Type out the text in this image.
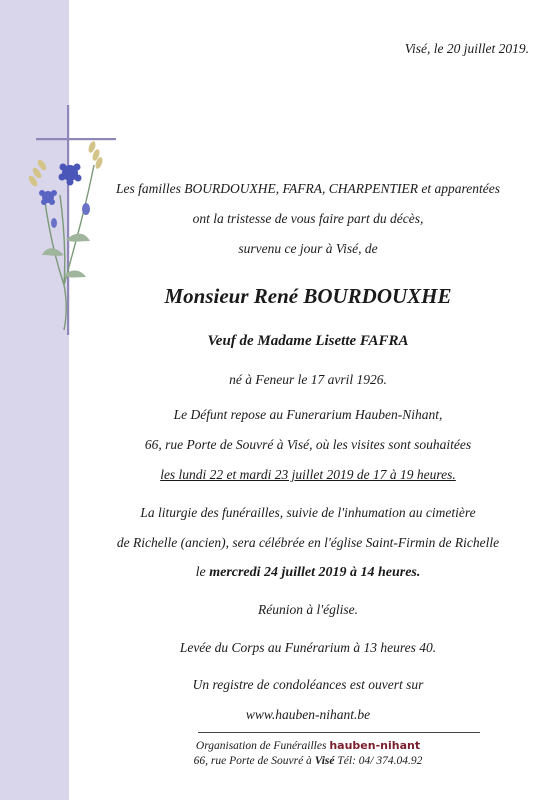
Visé, le 20 juillet 2019.
Les familles BOURDOUXHE, FAFRA, CHARPENTIER et apparentées
ont la tristesse de vous faire part du décès,
survenu ce jour à Visé, de
Monsieur René BOURDOUXHE
Veuf de Madame Lisette FAFRA
né à Feneur le 17 avril 1926.
Le Défunt repose au Funerarium Hauben-Nihant,
66, rue Porte de Souvré à Visé, où les visites sont souhaitées
les lundi 22 et mardi 23 juillet 2019 de 17 à 19 heures.
La liturgie des funérailles, suivie de l'inhumation au cimetière
de Richelle (ancien), sera célébrée en l'église Saint-Firmin de Richelle
le mercredi 24 juillet 2019 à 14 heures.
Réunion à l'église.
Levée du Corps au Funérarium à 13 heures 40.
Un registre de condoléances est ouvert sur
www.hauben-nihant.be
Organisation de Funérailles hauben-nihant
66, rue Porte de Souvré à Visé Tél: 04/ 374.04.92
